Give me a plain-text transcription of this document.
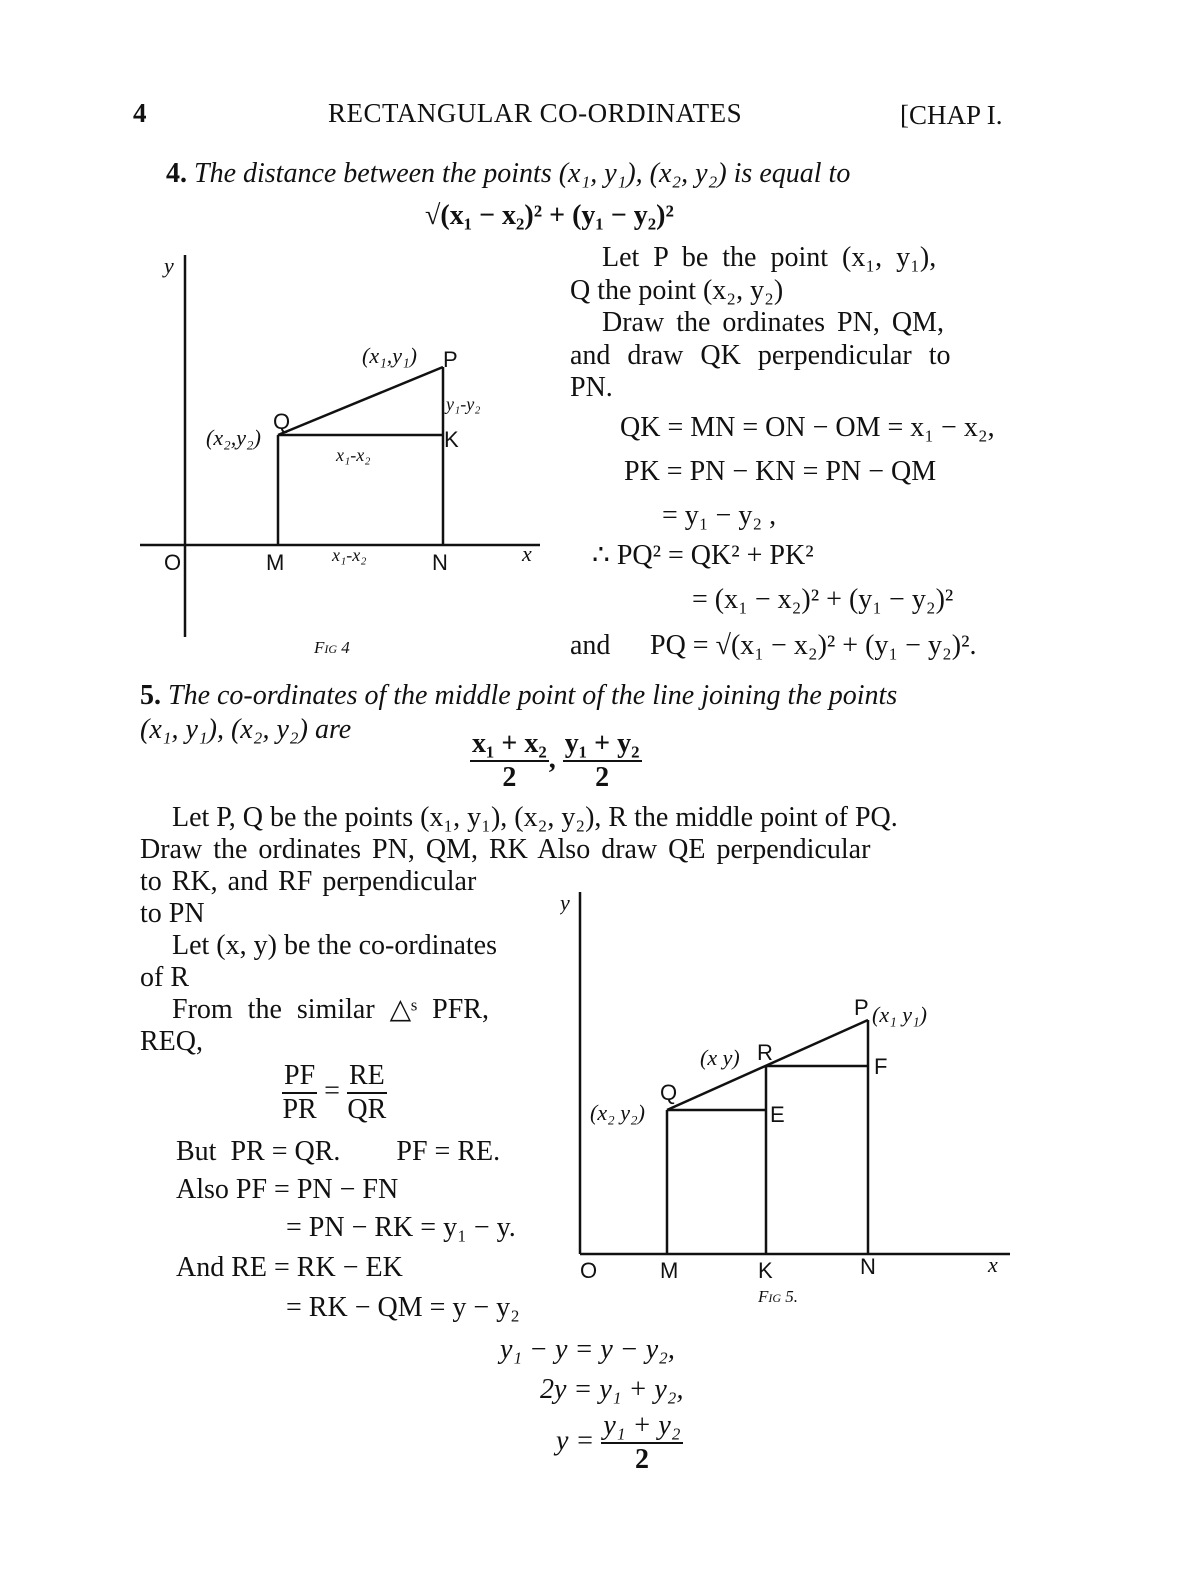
4	RECTANGULAR CO-ORDINATES	[CHAP I.
4. The distance between the points (x₁, y₁), (x₂, y₂) is equal to
√(x₁ − x₂)² + (y₁ − y₂)²
Let P be the point (x₁, y₁),
Q the point (x₂, y₂)
Draw the ordinates PN, QM,
and draw QK perpendicular to
PN.
QK = MN = ON − OM = x₁ − x₂,
PK = PN − KN = PN − QM
= y₁ − y₂ ,
∴ PQ² = QK² + PK²
= (x₁ − x₂)² + (y₁ − y₂)²
and PQ = √(x₁ − x₂)² + (y₁ − y₂)².
y
O	M	x₁-x₂	N	x
(x₁,y₁) P
y₁-y₂
Q
(x₂,y₂)	K
x₁-x₂
Fig 4
5. The co-ordinates of the middle point of the line joining the points
(x₁, y₁), (x₂, y₂) are	$\frac{\text{x₁ + x₂}}{2}$ , $\frac{\text{y₁ + y₂}}{2}$
Let P, Q be the points (x₁, y₁), (x₂, y₂), R the middle point of PQ.
Draw the ordinates PN, QM, RK Also draw QE perpendicular
to RK, and RF perpendicular
to PN
Let (x, y) be the co-ordinates
of R
From the similar △ˢ PFR,
REQ,
$\frac{PF}{PR} = \frac{RE}{QR}$
But  PR = QR.        PF = RE.
Also PF = PN − FN
= PN − RK = y₁ − y.
And RE = RK − EK
= RK − QM = y − y₂
y₁ − y = y − y₂,
2y = y₁ + y₂,
$y = \frac{\text{y₁ + y₂}}{2}$
y
O	M	K	N	x
Fig 5.
P (x₁ y₁)
F
(x y) R
Q
(x₂ y₂)	E
